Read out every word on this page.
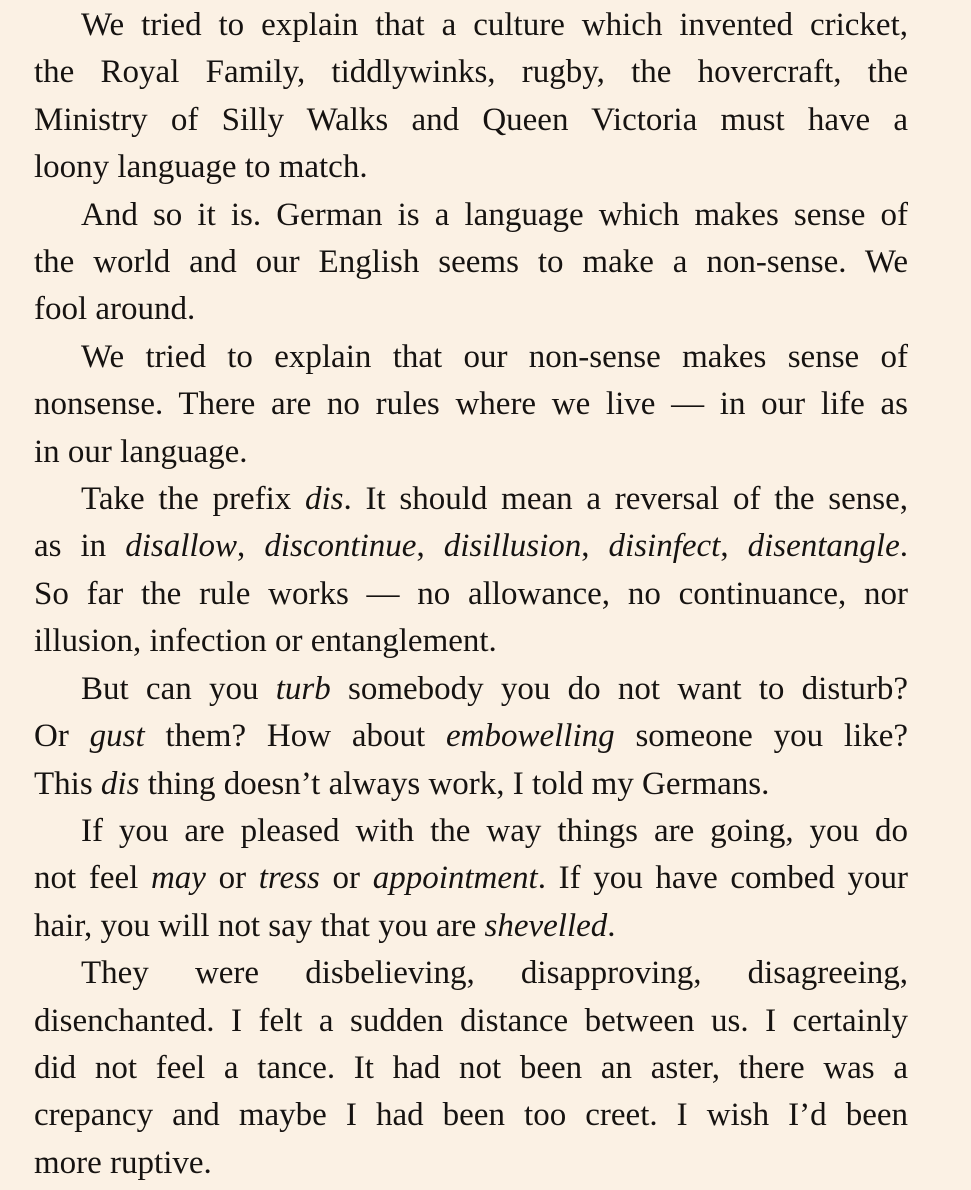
We tried to explain that a culture which invented cricket,
the Royal Family, tiddlywinks, rugby, the hovercraft, the
Ministry of Silly Walks and Queen Victoria must have a
loony language to match.

And so it is. German is a language which makes sense of
the world and our English seems to make a non-sense. We
fool around.

We tried to explain that our non-sense makes sense of
nonsense. There are no rules where we live — in our life as
in our language.

Take the prefix dis. It should mean a reversal of the sense,
as in disallow, discontinue, disillusion, disinfect, disentangle.
So far the rule works — no allowance, no continuance, nor
illusion, infection or entanglement.

But can you turb somebody you do not want to disturb?
Or gust them? How about embowelling someone you like?
This dis thing doesn’t always work, I told my Germans.

If you are pleased with the way things are going, you do
not feel may or tress or appointment. If you have combed your
hair, you will not say that you are shevelled.

They were disbelieving, disapproving, disagreeing,
disenchanted. I felt a sudden distance between us. I certainly
did not feel a tance. It had not been an aster, there was a
crepancy and maybe I had been too creet. I wish I’d been
more ruptive.
